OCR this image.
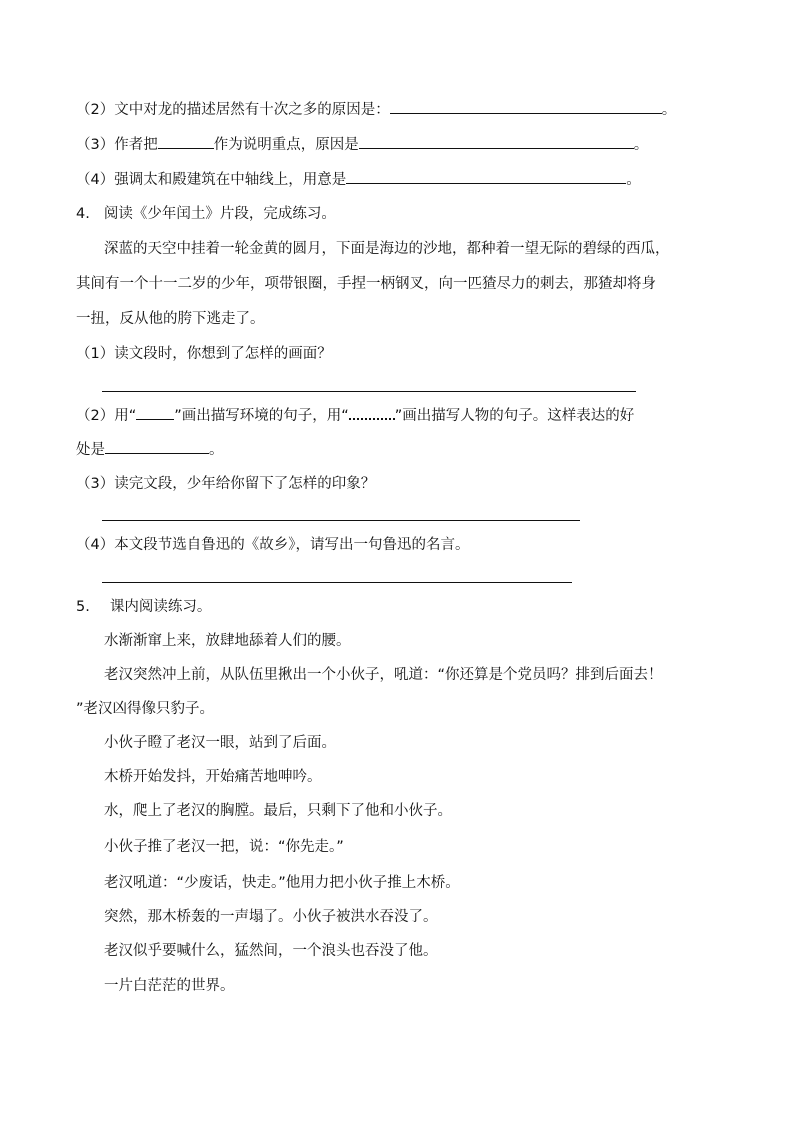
（2）文中对龙的描述居然有十次之多的原因是：	。
（3）作者把	作为说明重点，原因是	。
（4）强调太和殿建筑在中轴线上，用意是	。
4. 阅读《少年闰土》片段，完成练习。
深蓝的天空中挂着一轮金黄的圆月，下面是海边的沙地，都种着一望无际的碧绿的西瓜，
其间有一个十一二岁的少年，项带银圈，手捏一柄钢叉，向一匹猹尽力的刺去，那猹却将身
一扭，反从他的胯下逃走了。
（1）读文段时，你想到了怎样的画面？
（2）用“	”画出描写环境的句子，用“	”画出描写人物的句子。这样表达的好
处是	。
（3）读完文段，少年给你留下了怎样的印象？
（4）本文段节选自鲁迅的《故乡》，请写出一句鲁迅的名言。
5. 课内阅读练习。
水渐渐窜上来，放肆地舔着人们的腰。
老汉突然冲上前，从队伍里揪出一个小伙子，吼道：“你还算是个党员吗？排到后面去！
”老汉凶得像只豹子。
小伙子瞪了老汉一眼，站到了后面。
木桥开始发抖，开始痛苦地呻吟。
水，爬上了老汉的胸膛。最后，只剩下了他和小伙子。
小伙子推了老汉一把，说：“你先走。”
老汉吼道：“少废话，快走。”他用力把小伙子推上木桥。
突然，那木桥轰的一声塌了。小伙子被洪水吞没了。
老汉似乎要喊什么，猛然间，一个浪头也吞没了他。
一片白茫茫的世界。
